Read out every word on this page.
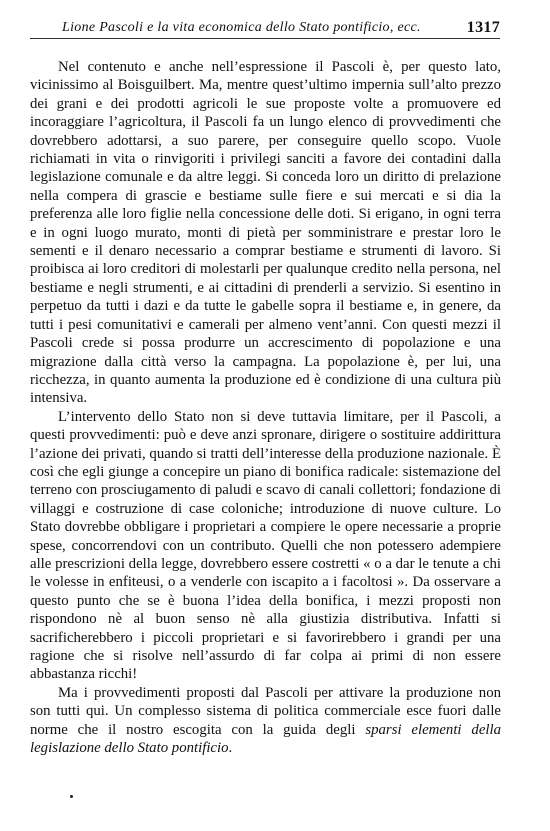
Lione Pascoli e la vita economica dello Stato pontificio, ecc.	1317

Nel contenuto e anche nell’espressione il Pascoli è, per questo lato, vicinissimo al Boisguilbert. Ma, mentre quest’ultimo impernia sull’alto prezzo dei grani e dei prodotti agricoli le sue proposte volte a promuovere ed incoraggiare l’agricoltura, il Pascoli fa un lungo elenco di provvedimenti che dovrebbero adottarsi, a suo parere, per conseguire quello scopo. Vuole richiamati in vita o rinvigoriti i privilegi sanciti a favore dei contadini dalla legislazione comunale e da altre leggi. Si conceda loro un diritto di prelazione nella compera di grascie e bestiame sulle fiere e sui mercati e si dia la preferenza alle loro figlie nella concessione delle doti. Si erigano, in ogni terra e in ogni luogo murato, monti di pietà per somministrare e prestar loro le sementi e il denaro necessario a comprar bestiame e strumenti di lavoro. Si proibisca ai loro creditori di molestarli per qualunque credito nella persona, nel bestiame e negli strumenti, e ai cittadini di prenderli a servizio. Si esentino in perpetuo da tutti i dazi e da tutte le gabelle sopra il bestiame e, in genere, da tutti i pesi comunitativi e camerali per almeno vent’anni. Con questi mezzi il Pascoli crede si possa produrre un accrescimento di popolazione e una migrazione dalla città verso la campagna. La popolazione è, per lui, una ricchezza, in quanto aumenta la produzione ed è condizione di una cultura più intensiva.

L’intervento dello Stato non si deve tuttavia limitare, per il Pascoli, a questi provvedimenti: può e deve anzi spronare, dirigere o sostituire addirittura l’azione dei privati, quando si tratti dell’interesse della produzione nazionale. È così che egli giunge a concepire un piano di bonifica radicale: sistemazione del terreno con prosciugamento di paludi e scavo di canali collettori; fondazione di villaggi e costruzione di case coloniche; introduzione di nuove culture. Lo Stato dovrebbe obbligare i proprietari a compiere le opere necessarie a proprie spese, concorrendovi con un contributo. Quelli che non potessero adempiere alle prescrizioni della legge, dovrebbero essere costretti « o a dar le tenute a chi le volesse in enfiteusi, o a venderle con iscapito a i facoltosi ». Da osservare a questo punto che se è buona l’idea della bonifica, i mezzi proposti non rispondono nè al buon senso nè alla giustizia distributiva. Infatti si sacrificherebbero i piccoli proprietari e si favorirebbero i grandi per una ragione che si risolve nell’assurdo di far colpa ai primi di non essere abbastanza ricchi!

Ma i provvedimenti proposti dal Pascoli per attivare la produzione non son tutti qui. Un complesso sistema di politica commerciale esce fuori dalle norme che il nostro escogita con la guida degli sparsi elementi della legislazione dello Stato pontificio.
